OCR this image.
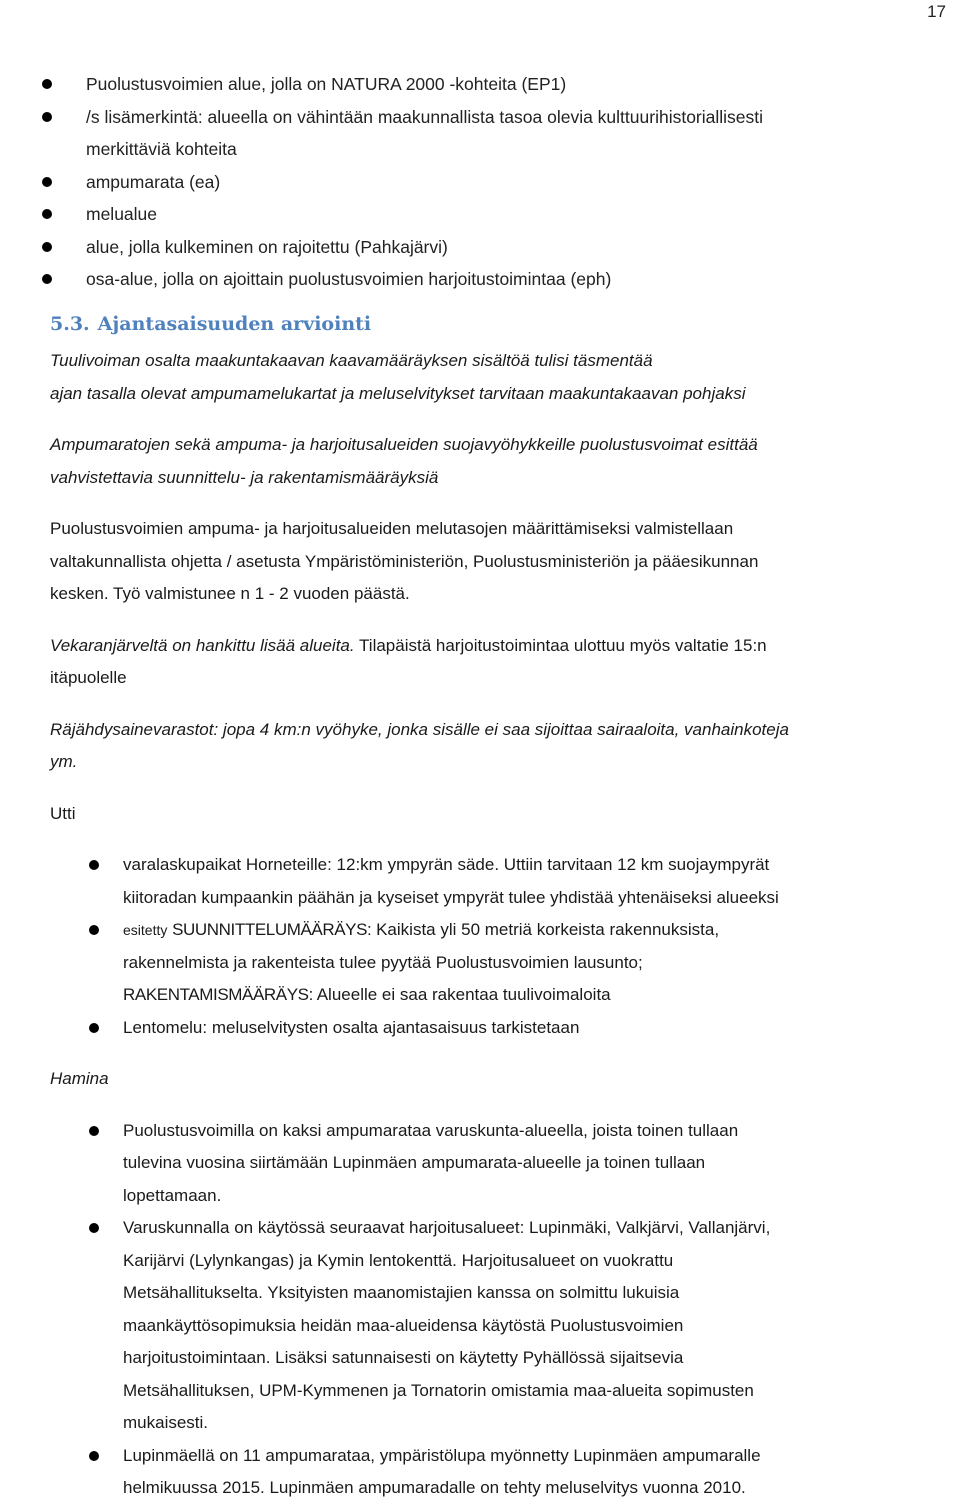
17
Puolustusvoimien alue, jolla on NATURA 2000 -kohteita (EP1)
/s lisämerkintä: alueella on vähintään maakunnallista tasoa olevia kulttuurihistoriallisesti
merkittäviä kohteita
ampumarata (ea)
melualue
alue, jolla kulkeminen on rajoitettu (Pahkajärvi)
osa-alue, jolla on ajoittain puolustusvoimien harjoitustoimintaa (eph)
5.3. Ajantasaisuuden arviointi
Tuulivoiman osalta maakuntakaavan kaavamääräyksen sisältöä tulisi täsmentää
ajan tasalla olevat ampumamelukartat ja meluselvitykset tarvitaan maakuntakaavan pohjaksi
Ampumaratojen sekä ampuma- ja harjoitusalueiden suojavyöhykkeille puolustusvoimat esittää
vahvistettavia suunnittelu- ja rakentamismääräyksiä
Puolustusvoimien ampuma- ja harjoitusalueiden melutasojen määrittämiseksi valmistellaan
valtakunnallista ohjetta / asetusta Ympäristöministeriön, Puolustusministeriön ja pääesikunnan
kesken. Työ valmistunee n 1 - 2 vuoden päästä.
Vekaranjärveltä on hankittu lisää alueita. Tilapäistä harjoitustoimintaa ulottuu myös valtatie 15:n
itäpuolelle
Räjähdysainevarastot: jopa 4 km:n vyöhyke, jonka sisälle ei saa sijoittaa sairaaloita, vanhainkoteja
ym.
Utti
varalaskupaikat Horneteille: 12:km ympyrän säde. Uttiin tarvitaan 12 km suojaympyrät
kiitoradan kumpaankin päähän ja kyseiset ympyrät tulee yhdistää yhtenäiseksi alueeksi
esitetty SUUNNITTELUMÄÄRÄYS: Kaikista yli 50 metriä korkeista rakennuksista,
rakennelmista ja rakenteista tulee pyytää Puolustusvoimien lausunto;
RAKENTAMISMÄÄRÄYS: Alueelle ei saa rakentaa tuulivoimaloita
Lentomelu: meluselvitysten osalta ajantasaisuus tarkistetaan
Hamina
Puolustusvoimilla on kaksi ampumarataa varuskunta-alueella, joista toinen tullaan
tulevina vuosina siirtämään Lupinmäen ampumarata-alueelle ja toinen tullaan
lopettamaan.
Varuskunnalla on käytössä seuraavat harjoitusalueet: Lupinmäki, Valkjärvi, Vallanjärvi,
Karijärvi (Lylynkangas) ja Kymin lentokenttä. Harjoitusalueet on vuokrattu
Metsähallitukselta. Yksityisten maanomistajien kanssa on solmittu lukuisia
maankäyttösopimuksia heidän maa-alueidensa käytöstä Puolustusvoimien
harjoitustoimintaan. Lisäksi satunnaisesti on käytetty Pyhällössä sijaitsevia
Metsähallituksen, UPM-Kymmenen ja Tornatorin omistamia maa-alueita sopimusten
mukaisesti.
Lupinmäellä on 11 ampumarataa, ympäristölupa myönnetty Lupinmäen ampumaralle
helmikuussa 2015. Lupinmäen ampumaradalle on tehty meluselvitys vuonna 2010.
